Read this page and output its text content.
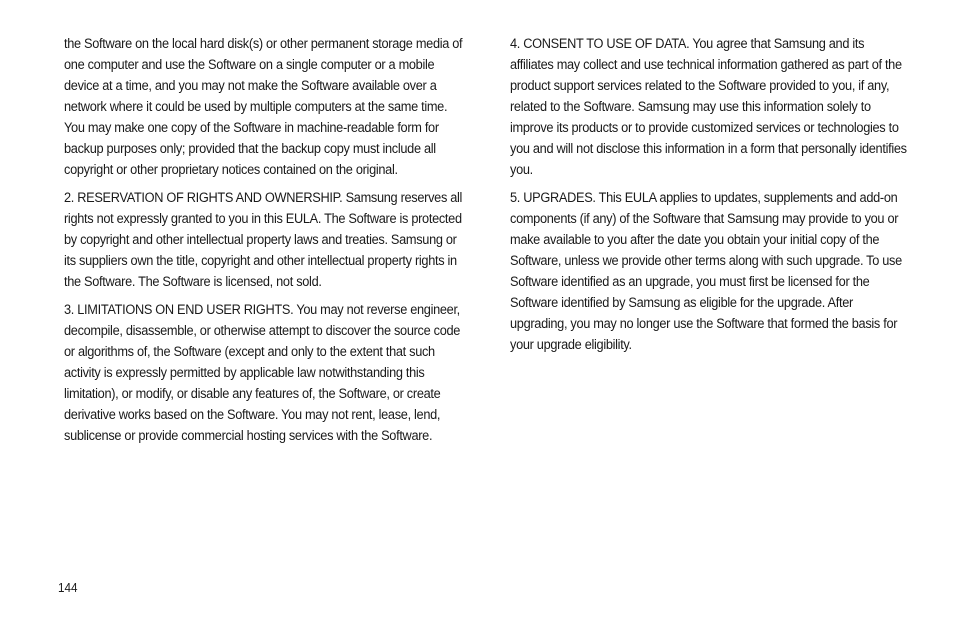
the Software on the local hard disk(s) or other permanent storage media of one computer and use the Software on a single computer or a mobile device at a time, and you may not make the Software available over a network where it could be used by multiple computers at the same time. You may make one copy of the Software in machine-readable form for backup purposes only; provided that the backup copy must include all copyright or other proprietary notices contained on the original.

2. RESERVATION OF RIGHTS AND OWNERSHIP. Samsung reserves all rights not expressly granted to you in this EULA. The Software is protected by copyright and other intellectual property laws and treaties. Samsung or its suppliers own the title, copyright and other intellectual property rights in the Software. The Software is licensed, not sold.

3. LIMITATIONS ON END USER RIGHTS. You may not reverse engineer, decompile, disassemble, or otherwise attempt to discover the source code or algorithms of, the Software (except and only to the extent that such activity is expressly permitted by applicable law notwithstanding this limitation), or modify, or disable any features of, the Software, or create derivative works based on the Software. You may not rent, lease, lend, sublicense or provide commercial hosting services with the Software.

4. CONSENT TO USE OF DATA. You agree that Samsung and its affiliates may collect and use technical information gathered as part of the product support services related to the Software provided to you, if any, related to the Software. Samsung may use this information solely to improve its products or to provide customized services or technologies to you and will not disclose this information in a form that personally identifies you.

5. UPGRADES. This EULA applies to updates, supplements and add-on components (if any) of the Software that Samsung may provide to you or make available to you after the date you obtain your initial copy of the Software, unless we provide other terms along with such upgrade. To use Software identified as an upgrade, you must first be licensed for the Software identified by Samsung as eligible for the upgrade. After upgrading, you may no longer use the Software that formed the basis for your upgrade eligibility.

144
